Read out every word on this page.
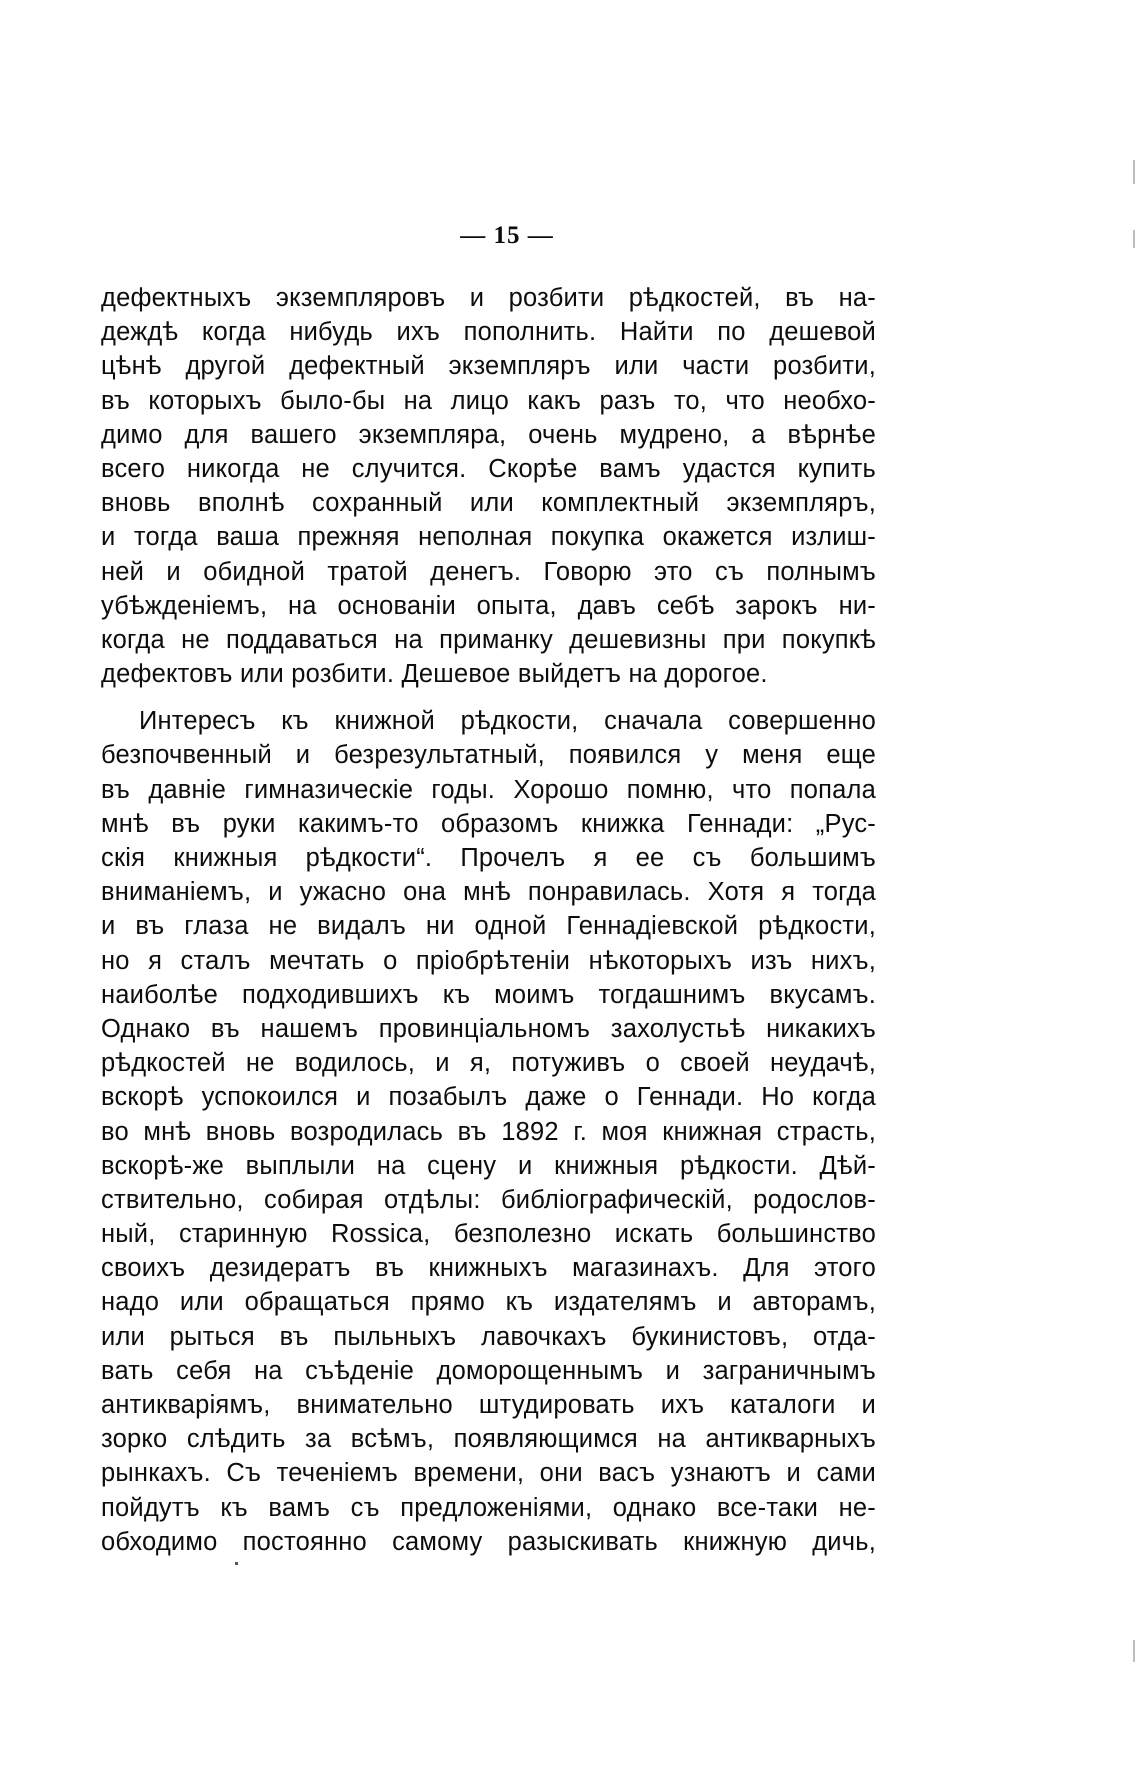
— 15 —
дефектныхъ экземпляровъ и розбити рѣдкостей, въ на-
деждѣ когда нибудь ихъ пополнить. Найти по дешевой
цѣнѣ другой дефектный экземпляръ или части розбити,
въ которыхъ было-бы на лицо какъ разъ то, что необхо-
димо для вашего экземпляра, очень мудрено, а вѣрнѣе
всего никогда не случится. Скорѣе вамъ удастся купить
вновь вполнѣ сохранный или комплектный экземпляръ,
и тогда ваша прежняя неполная покупка окажется излиш-
ней и обидной тратой денегъ. Говорю это съ полнымъ
убѣжденіемъ, на основаніи опыта, давъ себѣ зарокъ ни-
когда не поддаваться на приманку дешевизны при покупкѣ
дефектовъ или розбити. Дешевое выйдетъ на дорогое.
Интересъ къ книжной рѣдкости, сначала совершенно
безпочвенный и безрезультатный, появился у меня еще
въ давніе гимназическіе годы. Хорошо помню, что попала
мнѣ въ руки какимъ-то образомъ книжка Геннади: „Рус-
скія книжныя рѣдкости“. Прочелъ я ее съ большимъ
вниманіемъ, и ужасно она мнѣ понравилась. Хотя я тогда
и въ глаза не видалъ ни одной Геннадіевской рѣдкости,
но я сталъ мечтать о пріобрѣтеніи нѣкоторыхъ изъ нихъ,
наиболѣе подходившихъ къ моимъ тогдашнимъ вкусамъ.
Однако въ нашемъ провинціальномъ захолустьѣ никакихъ
рѣдкостей не водилось, и я, потуживъ о своей неудачѣ,
вскорѣ успокоился и позабылъ даже о Геннади. Но когда
во мнѣ вновь возродилась въ 1892 г. моя книжная страсть,
вскорѣ-же выплыли на сцену и книжныя рѣдкости. Дѣй-
ствительно, собирая отдѣлы: библіографическій, родослов-
ный, старинную Rossica, безполезно искать большинство
своихъ дезидератъ въ книжныхъ магазинахъ. Для этого
надо или обращаться прямо къ издателямъ и авторамъ,
или рыться въ пыльныхъ лавочкахъ букинистовъ, отда-
вать себя на съѣденіе доморощеннымъ и заграничнымъ
антикваріямъ, внимательно штудировать ихъ каталоги и
зорко слѣдить за всѣмъ, появляющимся на антикварныхъ
рынкахъ. Съ теченіемъ времени, они васъ узнаютъ и сами
пойдутъ къ вамъ съ предложеніями, однако все-таки не-
обходимо постоянно самому разыскивать книжную дичь,
